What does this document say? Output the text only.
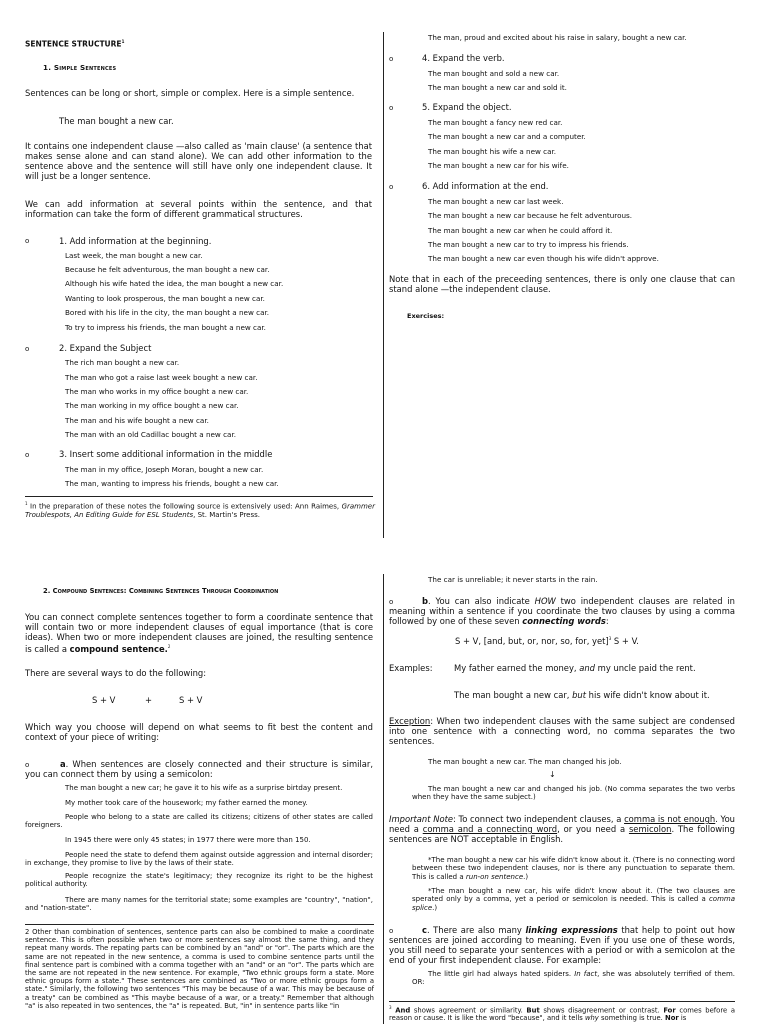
SENTENCE STRUCTURE$^1$
1. Simple Sentences
Sentences can be long or short, simple or complex. Here is a simple sentence.
The man bought a new car.
It contains one independent clause —also called as 'main clause' (a sentence that makes sense alone and can stand alone). We can add other information to the sentence above and the sentence will still have only one independent clause. It will just be a longer sentence.
We can add information at several points within the sentence, and that information can take the form of different grammatical structures.
o	1. Add information at the beginning.
Last week, the man bought a new car.
Because he felt adventurous, the man bought a new car.
Although his wife hated the idea, the man bought a new car.
Wanting to look prosperous, the man bought a new car.
Bored with his life in the city, the man bought a new car.
To try to impress his friends, the man bought a new car.
o	2. Expand the Subject
The rich man bought a new car.
The man who got a raise last week bought a new car.
The man who works in my office bought a new car.
The man working in my office bought a new car.
The man and his wife bought a new car.
The man with an old Cadillac bought a new car.
o	3. Insert some additional information in the middle
The man in my office, Joseph Moran, bought a new car.
The man, wanting to impress his friends, bought a new car.
$^1$ In the preparation of these notes the following source is extensively used: Ann Raimes, Grammer Troublespots, An Editing Guide for ESL Students, St. Martin's Press.
The man, proud and excited about his raise in salary, bought a new car.
o	4. Expand the verb.
The man bought and sold a new car.
The man bought a new car and sold it.
o	5. Expand the object.
The man bought a fancy new red car.
The man bought a new car and a computer.
The man bought his wife a new car.
The man bought a new car for his wife.
o	6. Add information at the end.
The man bought a new car last week.
The man bought a new car because he felt adventurous.
The man bought a new car when he could afford it.
The man bought a new car to try to impress his friends.
The man bought a new car even though his wife didn't approve.
Note that in each of the preceeding sentences, there is only one clause that can stand alone —the independent clause.
Exercises:
2. Compound Sentences: Combining Sentences Through Coordination
You can connect complete sentences together to form a coordinate sentence that will contain two or more independent clauses of equal importance (that is core ideas). When two or more independent clauses are joined, the resulting sentence is called a compound sentence.$^2$
There are several ways to do the following:
S + V	+	S + V
Which way you choose will depend on what seems to fit best the content and context of your piece of writing:
o	a. When sentences are closely connected and their structure is similar, you can connect them by using a semicolon:
The man bought a new car; he gave it to his wife as a surprise birtday present.
My mother took care of the housework; my father earned the money.
People who belong to a state are called its citizens; citizens of other states are called foreigners.
In 1945 there were only 45 states; in 1977 there were more than 150.
People need the state to defend them against outside aggression and internal disorder; in exchange, they promise to live by the laws of their state.
People recognize the state's legitimacy; they recognize its right to be the highest political authority.
There are many names for the territorial state; some examples are "country", "nation", and "nation-state".
2 Other than combination of sentences, sentence parts can also be combined to make a coordinate sentence. This is often possible when two or more sentences say almost the same thing, and they repeat many words. The repating parts can be combined by an "and" or "or". The parts which are the same are not repeated in the new sentence, a comma is used to combine sentence parts until the final sentence part is combined with a comma together with an "and" or an "or". The parts which are the same are not repeated in the new sentence. For example, "Two ethnic groups form a state. More ethnic groups form a state." These sentences are combined as "Two or more ethnic groups form a state." Similarly, the following two sentences "This may be because of a war. This may be because of a treaty" can be combined as "This maybe because of a war, or a treaty." Remember that although "a" is also repeated in two sentences, the "a" is repeated. But, "in" in sentence parts like "in
The car is unreliable; it never starts in the rain.
o	b. You can also indicate HOW two independent clauses are related in meaning within a sentence if you coordinate the two clauses by using a comma followed by one of these seven connecting words:
S + V, [and, but, or, nor, so, for, yet]$^3$ S + V.
Examples:	My father earned the money, and my uncle paid the rent.
The man bought a new car, but his wife didn't know about it.
Exception: When two independent clauses with the same subject are condensed into one sentence with a connecting word, no comma separates the two sentences.
The man bought a new car. The man changed his job.
↓
The man bought a new car and changed his job. (No comma separates the two verbs when they have the same subject.)
Important Note: To connect two independent clauses, a comma is not enough. You need a comma and a connecting word, or you need a semicolon. The following sentences are NOT acceptable in English.
*The man bought a new car his wife didn't know about it. (There is no connecting word between these two independent clauses, nor is there any punctuation to separate them. This is called a run-on sentence.)
*The man bought a new car, his wife didn't know about it. (The two clauses are sperated only by a comma, yet a period or semicolon is needed. This is called a comma splice.)
o	c. There are also many linking expressions that help to point out how sentences are joined according to meaning. Even if you use one of these words, you still need to separate your sentences with a period or with a semicolon at the end of your first independent clause. For example:
The little girl had always hated spiders. In fact, she was absolutely terrified of them. OR:
$^3$ And shows agreement or similarity. But shows disagreement or contrast. For comes before a reason or cause. It is like the word "because", and it tells why something is true. Nor is
